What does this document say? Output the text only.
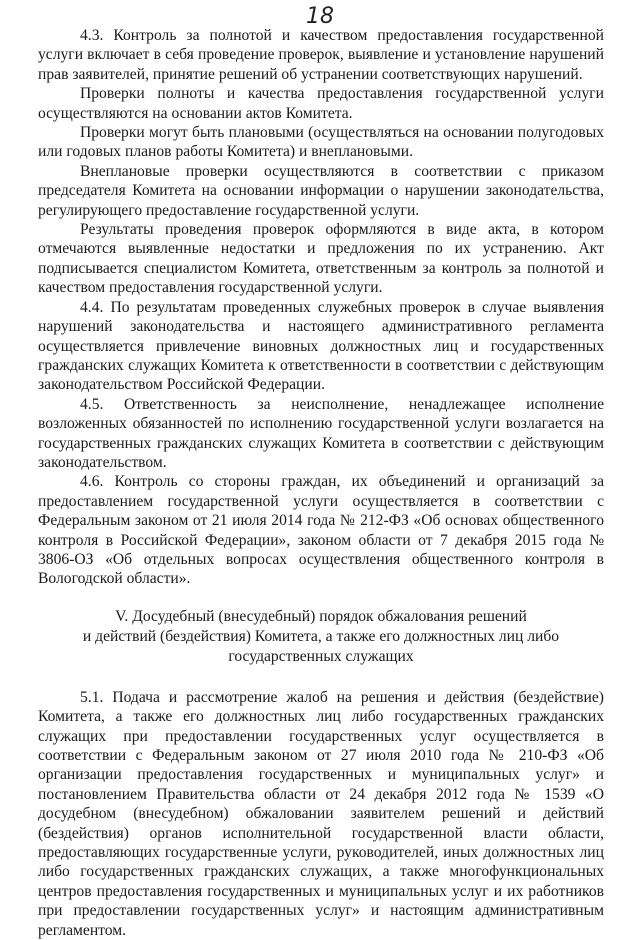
18

4.3. Контроль за полнотой и качеством предоставления государственной услуги включает в себя проведение проверок, выявление и установление нарушений прав заявителей, принятие решений об устранении соответствующих нарушений.

Проверки полноты и качества предоставления государственной услуги осуществляются на основании актов Комитета.

Проверки могут быть плановыми (осуществляться на основании полугодовых или годовых планов работы Комитета) и внеплановыми.

Внеплановые проверки осуществляются в соответствии с приказом председателя Комитета на основании информации о нарушении законодательства, регулирующего предоставление государственной услуги.

Результаты проведения проверок оформляются в виде акта, в котором отмечаются выявленные недостатки и предложения по их устранению. Акт подписывается специалистом Комитета, ответственным за контроль за полнотой и качеством предоставления государственной услуги.

4.4. По результатам проведенных служебных проверок в случае выявления нарушений законодательства и настоящего административного регламента осуществляется привлечение виновных должностных лиц и государственных гражданских служащих Комитета к ответственности в соответствии с действующим законодательством Российской Федерации.

4.5. Ответственность за неисполнение, ненадлежащее исполнение возложенных обязанностей по исполнению государственной услуги возлагается на государственных гражданских служащих Комитета в соответствии с действующим законодательством.

4.6. Контроль со стороны граждан, их объединений и организаций за предоставлением государственной услуги осуществляется в соответствии с Федеральным законом от 21 июля 2014 года № 212-ФЗ «Об основах общественного контроля в Российской Федерации», законом области от 7 декабря 2015 года № 3806-ОЗ «Об отдельных вопросах осуществления общественного контроля в Вологодской области».

V. Досудебный (внесудебный) порядок обжалования решений
и действий (бездействия) Комитета, а также его должностных лиц либо
государственных служащих

5.1. Подача и рассмотрение жалоб на решения и действия (бездействие) Комитета, а также его должностных лиц либо государственных гражданских служащих при предоставлении государственных услуг осуществляется в соответствии с Федеральным законом от 27 июля 2010 года № 210-ФЗ «Об организации предоставления государственных и муниципальных услуг» и постановлением Правительства области от 24 декабря 2012 года № 1539 «О досудебном (внесудебном) обжаловании заявителем решений и действий (бездействия) органов исполнительной государственной власти области, предоставляющих государственные услуги, руководителей, иных должностных лиц либо государственных гражданских служащих, а также многофункциональных центров предоставления государственных и муниципальных услуг и их работников при предоставлении государственных услуг» и настоящим административным регламентом.
